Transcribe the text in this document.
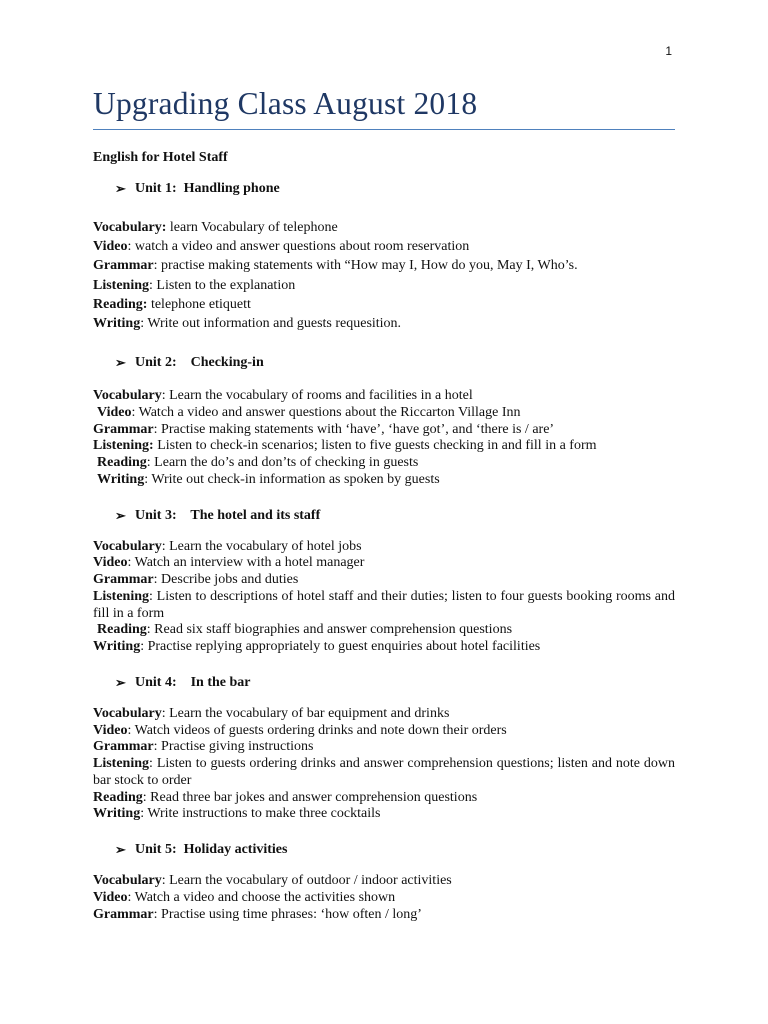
1
Upgrading Class August 2018

English for Hotel Staff

➢ Unit 1:  Handling phone

Vocabulary: learn Vocabulary of telephone

Video: watch a video and answer questions about room reservation

Grammar: practise making statements with “How may I, How do you, May I, Who’s.

Listening: Listen to the explanation

Reading: telephone etiquett

Writing: Write out information and guests requesition.

➢ Unit 2:    Checking-in

Vocabulary: Learn the vocabulary of rooms and facilities in a hotel

Video: Watch a video and answer questions about the Riccarton Village Inn

Grammar: Practise making statements with ‘have’, ‘have got’, and ‘there is / are’

Listening: Listen to check-in scenarios; listen to five guests checking in and fill in a form

Reading: Learn the do’s and don’ts of checking in guests

Writing: Write out check-in information as spoken by guests

➢ Unit 3:    The hotel and its staff

Vocabulary: Learn the vocabulary of hotel jobs

Video: Watch an interview with a hotel manager

Grammar: Describe jobs and duties

Listening: Listen to descriptions of hotel staff and their duties; listen to four guests booking rooms and fill in a form

Reading: Read six staff biographies and answer comprehension questions

Writing: Practise replying appropriately to guest enquiries about hotel facilities

➢ Unit 4:    In the bar

Vocabulary: Learn the vocabulary of bar equipment and drinks

Video: Watch videos of guests ordering drinks and note down their orders

Grammar: Practise giving instructions

Listening: Listen to guests ordering drinks and answer comprehension questions; listen and note down bar stock to order

Reading: Read three bar jokes and answer comprehension questions

Writing: Write instructions to make three cocktails

➢ Unit 5:  Holiday activities

Vocabulary: Learn the vocabulary of outdoor / indoor activities

Video: Watch a video and choose the activities shown

Grammar: Practise using time phrases: ‘how often / long’
